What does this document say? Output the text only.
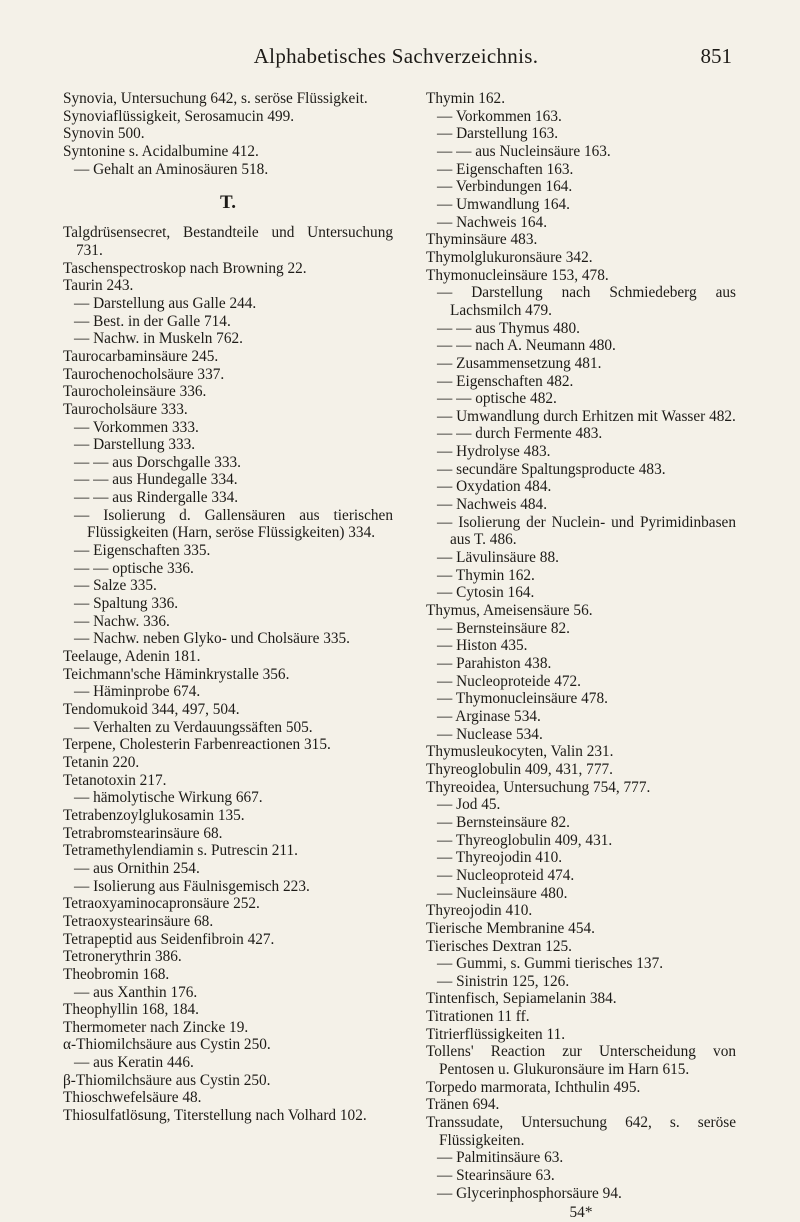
Alphabetisches Sachverzeichnis.	851
Synovia, Untersuchung 642, s. seröse Flüssigkeit.
Synoviaflüssigkeit, Serosamucin 499.
Synovin 500.
Syntonine s. Acidalbumine 412.
— Gehalt an Aminosäuren 518.
T.
Talgdrüsensecret, Bestandteile und Untersuchung 731.
Taschenspectroskop nach Browning 22.
Taurin 243.
— Darstellung aus Galle 244.
— Best. in der Galle 714.
— Nachw. in Muskeln 762.
Taurocarbaminsäure 245.
Taurochenocholsäure 337.
Taurocholeinsäure 336.
Taurocholsäure 333.
— Vorkommen 333.
— Darstellung 333.
— — aus Dorschgalle 333.
— — aus Hundegalle 334.
— — aus Rindergalle 334.
— Isolierung d. Gallensäuren aus tierischen Flüssigkeiten (Harn, seröse Flüssigkeiten) 334.
— Eigenschaften 335.
— — optische 336.
— Salze 335.
— Spaltung 336.
— Nachw. 336.
— Nachw. neben Glyko- und Cholsäure 335.
Teelauge, Adenin 181.
Teichmann'sche Häminkrystalle 356.
— Häminprobe 674.
Tendomukoid 344, 497, 504.
— Verhalten zu Verdauungssäften 505.
Terpene, Cholesterin Farbenreactionen 315.
Tetanin 220.
Tetanotoxin 217.
— hämolytische Wirkung 667.
Tetrabenzoylglukosamin 135.
Tetrabromstearinsäure 68.
Tetramethylendiamin s. Putrescin 211.
— aus Ornithin 254.
— Isolierung aus Fäulnisgemisch 223.
Tetraoxyaminocapronsäure 252.
Tetraoxystearinsäure 68.
Tetrapeptid aus Seidenfibroin 427.
Tetronerythrin 386.
Theobromin 168.
— aus Xanthin 176.
Theophyllin 168, 184.
Thermometer nach Zincke 19.
α-Thiomilchsäure aus Cystin 250.
— aus Keratin 446.
β-Thiomilchsäure aus Cystin 250.
Thioschwefelsäure 48.
Thiosulfatlösung, Titerstellung nach Volhard 102.
Thymin 162.
— Vorkommen 163.
— Darstellung 163.
— — aus Nucleinsäure 163.
— Eigenschaften 163.
— Verbindungen 164.
— Umwandlung 164.
— Nachweis 164.
Thyminsäure 483.
Thymolglukuronsäure 342.
Thymonucleinsäure 153, 478.
— Darstellung nach Schmiedeberg aus Lachsmilch 479.
— — aus Thymus 480.
— — nach A. Neumann 480.
— Zusammensetzung 481.
— Eigenschaften 482.
— — optische 482.
— Umwandlung durch Erhitzen mit Wasser 482.
— — durch Fermente 483.
— Hydrolyse 483.
— secundäre Spaltungsproducte 483.
— Oxydation 484.
— Nachweis 484.
— Isolierung der Nuclein- und Pyrimidinbasen aus T. 486.
— Lävulinsäure 88.
— Thymin 162.
— Cytosin 164.
Thymus, Ameisensäure 56.
— Bernsteinsäure 82.
— Histon 435.
— Parahiston 438.
— Nucleoproteide 472.
— Thymonucleinsäure 478.
— Arginase 534.
— Nuclease 534.
Thymusleukocyten, Valin 231.
Thyreoglobulin 409, 431, 777.
Thyreoidea, Untersuchung 754, 777.
— Jod 45.
— Bernsteinsäure 82.
— Thyreoglobulin 409, 431.
— Thyreojodin 410.
— Nucleoproteid 474.
— Nucleinsäure 480.
Thyreojodin 410.
Tierische Membranine 454.
Tierisches Dextran 125.
— Gummi, s. Gummi tierisches 137.
— Sinistrin 125, 126.
Tintenfisch, Sepiamelanin 384.
Titrationen 11 ff.
Titrierflüssigkeiten 11.
Tollens' Reaction zur Unterscheidung von Pentosen u. Glukuronsäure im Harn 615.
Torpedo marmorata, Ichthulin 495.
Tränen 694.
Transsudate, Untersuchung 642, s. seröse Flüssigkeiten.
— Palmitinsäure 63.
— Stearinsäure 63.
— Glycerinphosphorsäure 94.
54*
